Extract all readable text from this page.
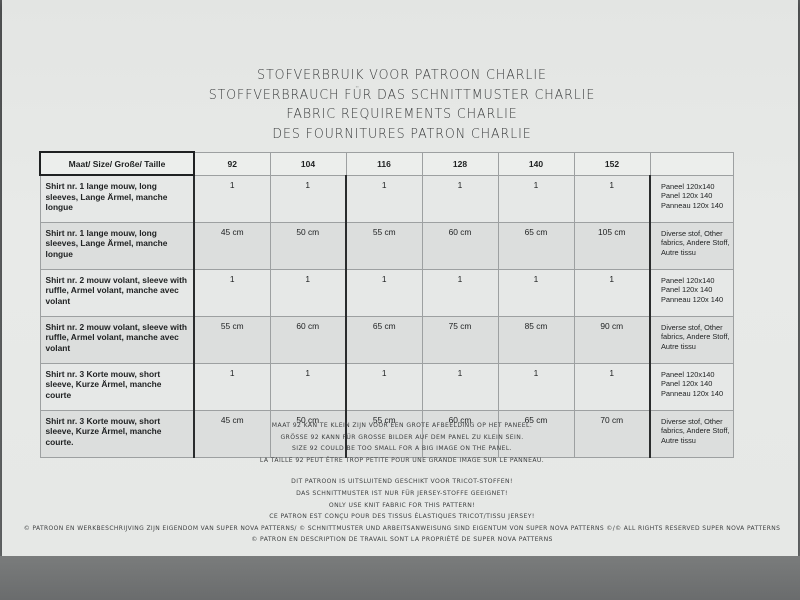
STOFVERBRUIK VOOR PATROON CHARLIE
STOFFVERBRAUCH FÜR DAS SCHNITTMUSTER CHARLIE
FABRIC REQUIREMENTS CHARLIE
DES FOURNITURES PATRON CHARLIE
Maat/ Size/ Große/ Taille	92	104	116	128	140	152	
Shirt nr. 1 lange mouw, long sleeves, Lange Ärmel, manche longue	1	1	1	1	1	1	Paneel 120x140
Panel 120x 140
Panneau 120x 140
Shirt nr. 1 lange mouw, long sleeves, Lange Ärmel, manche longue	45 cm	50 cm	55 cm	60 cm	65 cm	105 cm	Diverse stof, Other fabrics, Andere Stoff, Autre tissu
Shirt nr. 2 mouw volant, sleeve with ruffle, Armel volant, manche avec volant	1	1	1	1	1	1	Paneel 120x140
Panel 120x 140
Panneau 120x 140
Shirt nr. 2 mouw volant, sleeve with ruffle, Armel volant, manche avec volant	55 cm	60 cm	65 cm	75 cm	85 cm	90 cm	Diverse stof, Other fabrics, Andere Stoff, Autre tissu
Shirt nr. 3 Korte mouw, short sleeve, Kurze Ärmel, manche courte	1	1	1	1	1	1	Paneel 120x140
Panel 120x 140
Panneau 120x 140
Shirt nr. 3 Korte mouw, short sleeve, Kurze Ärmel, manche courte.	45 cm	50 cm	55 cm	60 cm	65 cm	70 cm	Diverse stof, Other fabrics, Andere Stoff, Autre tissu
MAAT 92 KAN TE KLEIN ZIJN VOOR EEN GROTE AFBEELDING OP HET PANEEL.
GRÖSSE 92 KANN FÜR GROSSE BILDER AUF DEM PANEL ZU KLEIN SEIN.
SIZE 92 COULD BE TOO SMALL FOR A BIG IMAGE ON THE PANEL.
LA TAILLE 92 PEUT ÊTRE TROP PETITE POUR UNE GRANDE IMAGE SUR LE PANNEAU.
DIT PATROON IS UITSLUITEND GESCHIKT VOOR TRICOT-STOFFEN!
DAS SCHNITTMUSTER IST NUR FÜR JERSEY-STOFFE GEEIGNET!
ONLY USE KNIT FABRIC FOR THIS PATTERN!
CE PATRON EST CONÇU POUR DES TISSUS ÉLASTIQUES TRICOT/TISSU JERSEY!
© PATROON EN WERKBESCHRIJVING ZIJN EIGENDOM VAN SUPER NOVA PATTERNS/ © SCHNITTMUSTER UND ARBEITSANWEISUNG SIND EIGENTUM VON SUPER NOVA PATTERNS ©/© ALL RIGHTS RESERVED SUPER NOVA PATTERNS
© PATRON EN DESCRIPTION DE TRAVAIL SONT LA PROPRIÉTÉ DE SUPER NOVA PATTERNS
